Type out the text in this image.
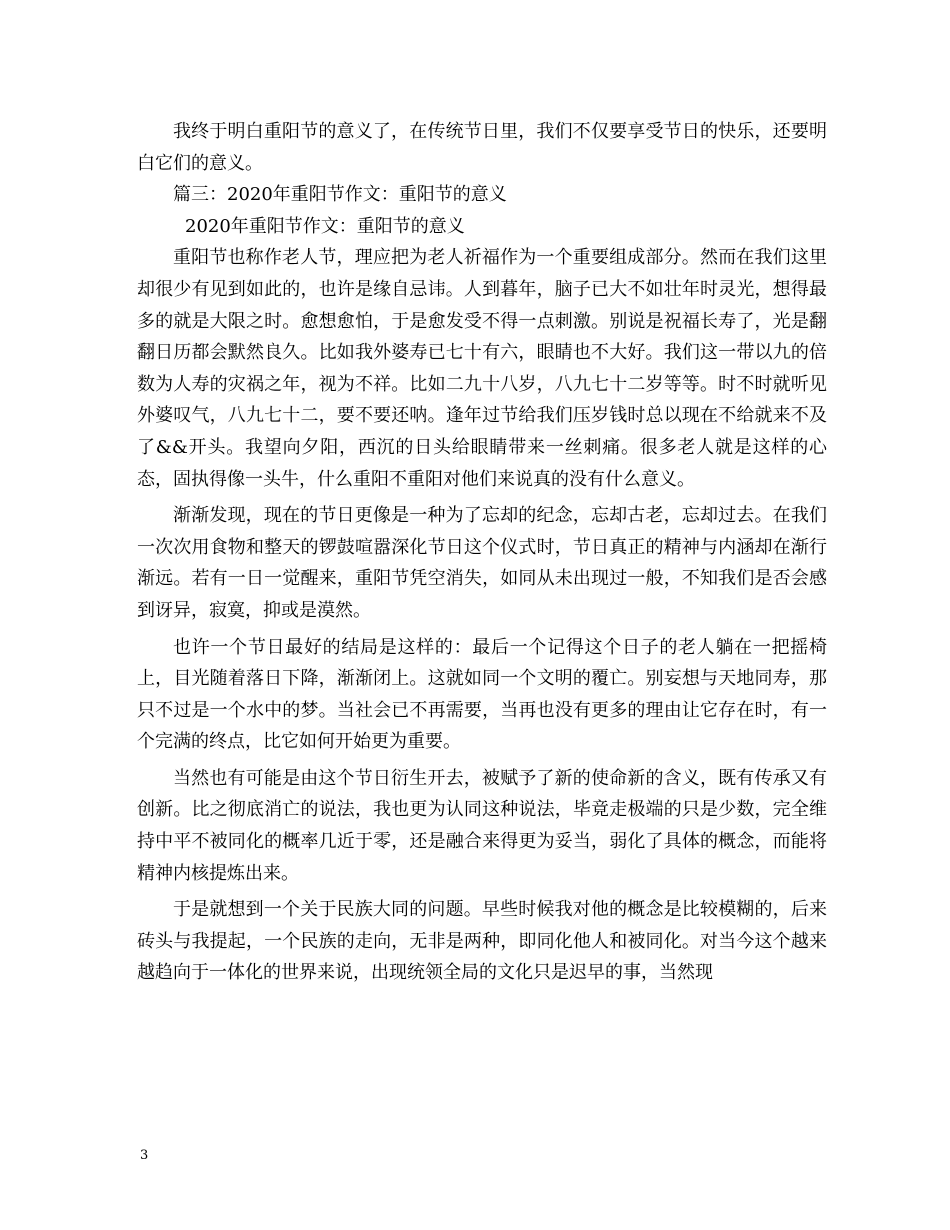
我终于明白重阳节的意义了，在传统节日里，我们不仅要享受节日的快乐，还要明白它们的意义。

篇三：2020年重阳节作文：重阳节的意义

2020年重阳节作文：重阳节的意义

重阳节也称作老人节，理应把为老人祈福作为一个重要组成部分。然而在我们这里却很少有见到如此的，也许是缘自忌讳。人到暮年，脑子已大不如壮年时灵光，想得最多的就是大限之时。愈想愈怕，于是愈发受不得一点刺激。别说是祝福长寿了，光是翻翻日历都会默然良久。比如我外婆寿已七十有六，眼睛也不大好。我们这一带以九的倍数为人寿的灾祸之年，视为不祥。比如二九十八岁，八九七十二岁等等。时不时就听见外婆叹气，八九七十二，要不要还呐。逢年过节给我们压岁钱时总以现在不给就来不及了&&开头。我望向夕阳，西沉的日头给眼睛带来一丝刺痛。很多老人就是这样的心态，固执得像一头牛，什么重阳不重阳对他们来说真的没有什么意义。

渐渐发现，现在的节日更像是一种为了忘却的纪念，忘却古老，忘却过去。在我们一次次用食物和整天的锣鼓喧嚣深化节日这个仪式时，节日真正的精神与内涵却在渐行渐远。若有一日一觉醒来，重阳节凭空消失，如同从未出现过一般，不知我们是否会感到讶异，寂寞，抑或是漠然。

也许一个节日最好的结局是这样的：最后一个记得这个日子的老人躺在一把摇椅上，目光随着落日下降，渐渐闭上。这就如同一个文明的覆亡。别妄想与天地同寿，那只不过是一个水中的梦。当社会已不再需要，当再也没有更多的理由让它存在时，有一个完满的终点，比它如何开始更为重要。

当然也有可能是由这个节日衍生开去，被赋予了新的使命新的含义，既有传承又有创新。比之彻底消亡的说法，我也更为认同这种说法，毕竟走极端的只是少数，完全维持中平不被同化的概率几近于零，还是融合来得更为妥当，弱化了具体的概念，而能将精神内核提炼出来。

于是就想到一个关于民族大同的问题。早些时候我对他的概念是比较模糊的，后来砖头与我提起，一个民族的走向，无非是两种，即同化他人和被同化。对当今这个越来越趋向于一体化的世界来说，出现统领全局的文化只是迟早的事，当然现

3
